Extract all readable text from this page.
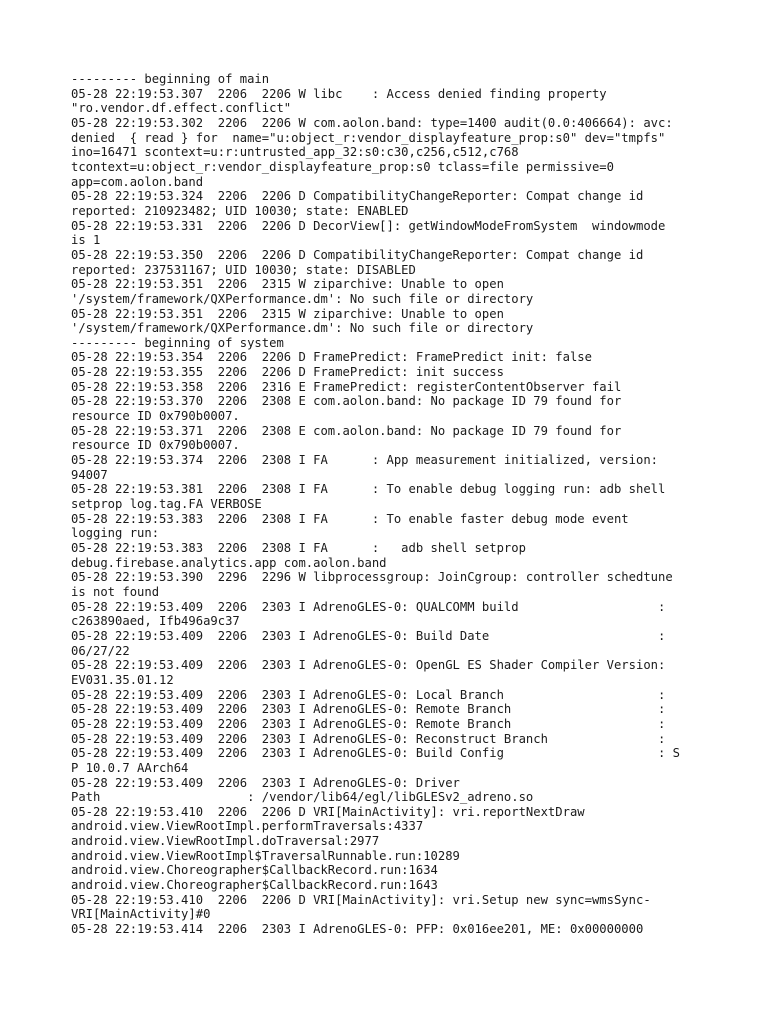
--------- beginning of main
05-28 22:19:53.307  2206  2206 W libc    : Access denied finding property
"ro.vendor.df.effect.conflict"
05-28 22:19:53.302  2206  2206 W com.aolon.band: type=1400 audit(0.0:406664): avc:
denied  { read } for  name="u:object_r:vendor_displayfeature_prop:s0" dev="tmpfs"
ino=16471 scontext=u:r:untrusted_app_32:s0:c30,c256,c512,c768
tcontext=u:object_r:vendor_displayfeature_prop:s0 tclass=file permissive=0
app=com.aolon.band
05-28 22:19:53.324  2206  2206 D CompatibilityChangeReporter: Compat change id
reported: 210923482; UID 10030; state: ENABLED
05-28 22:19:53.331  2206  2206 D DecorView[]: getWindowModeFromSystem  windowmode
is 1
05-28 22:19:53.350  2206  2206 D CompatibilityChangeReporter: Compat change id
reported: 237531167; UID 10030; state: DISABLED
05-28 22:19:53.351  2206  2315 W ziparchive: Unable to open
'/system/framework/QXPerformance.dm': No such file or directory
05-28 22:19:53.351  2206  2315 W ziparchive: Unable to open
'/system/framework/QXPerformance.dm': No such file or directory
--------- beginning of system
05-28 22:19:53.354  2206  2206 D FramePredict: FramePredict init: false
05-28 22:19:53.355  2206  2206 D FramePredict: init success
05-28 22:19:53.358  2206  2316 E FramePredict: registerContentObserver fail
05-28 22:19:53.370  2206  2308 E com.aolon.band: No package ID 79 found for
resource ID 0x790b0007.
05-28 22:19:53.371  2206  2308 E com.aolon.band: No package ID 79 found for
resource ID 0x790b0007.
05-28 22:19:53.374  2206  2308 I FA      : App measurement initialized, version:
94007
05-28 22:19:53.381  2206  2308 I FA      : To enable debug logging run: adb shell
setprop log.tag.FA VERBOSE
05-28 22:19:53.383  2206  2308 I FA      : To enable faster debug mode event
logging run:
05-28 22:19:53.383  2206  2308 I FA      :   adb shell setprop
debug.firebase.analytics.app com.aolon.band
05-28 22:19:53.390  2296  2296 W libprocessgroup: JoinCgroup: controller schedtune
is not found
05-28 22:19:53.409  2206  2303 I AdrenoGLES-0: QUALCOMM build                   :
c263890aed, Ifb496a9c37
05-28 22:19:53.409  2206  2303 I AdrenoGLES-0: Build Date                       :
06/27/22
05-28 22:19:53.409  2206  2303 I AdrenoGLES-0: OpenGL ES Shader Compiler Version:
EV031.35.01.12
05-28 22:19:53.409  2206  2303 I AdrenoGLES-0: Local Branch                     :
05-28 22:19:53.409  2206  2303 I AdrenoGLES-0: Remote Branch                    :
05-28 22:19:53.409  2206  2303 I AdrenoGLES-0: Remote Branch                    :
05-28 22:19:53.409  2206  2303 I AdrenoGLES-0: Reconstruct Branch               :
05-28 22:19:53.409  2206  2303 I AdrenoGLES-0: Build Config                     : S
P 10.0.7 AArch64
05-28 22:19:53.409  2206  2303 I AdrenoGLES-0: Driver
Path                    : /vendor/lib64/egl/libGLESv2_adreno.so
05-28 22:19:53.410  2206  2206 D VRI[MainActivity]: vri.reportNextDraw
android.view.ViewRootImpl.performTraversals:4337
android.view.ViewRootImpl.doTraversal:2977
android.view.ViewRootImpl$TraversalRunnable.run:10289
android.view.Choreographer$CallbackRecord.run:1634
android.view.Choreographer$CallbackRecord.run:1643
05-28 22:19:53.410  2206  2206 D VRI[MainActivity]: vri.Setup new sync=wmsSync-
VRI[MainActivity]#0
05-28 22:19:53.414  2206  2303 I AdrenoGLES-0: PFP: 0x016ee201, ME: 0x00000000
